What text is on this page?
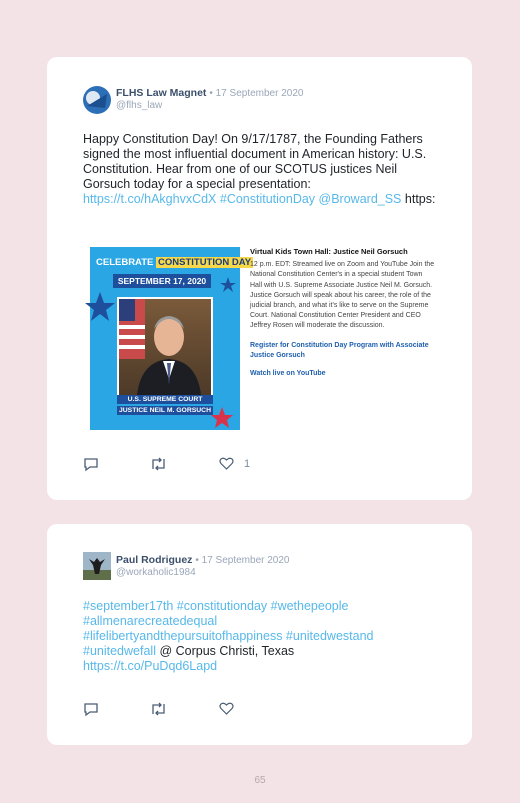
FLHS Law Magnet • 17 September 2020
@flhs_law
Happy Constitution Day! On 9/17/1787, the Founding Fathers signed the most influential document in American history: U.S. Constitution. Hear from one of our SCOTUS justices Neil Gorsuch today for a special presentation: https://t.co/hAkghvxCdX #ConstitutionDay @Broward_SS https:
CELEBRATE CONSTITUTION DAY
SEPTEMBER 17, 2020
U.S. SUPREME COURT
JUSTICE NEIL M. GORSUCH
Virtual Kids Town Hall: Justice Neil Gorsuch
12 p.m. EDT: Streamed live on Zoom and YouTube Join the National Constitution Center's in a special student Town Hall with U.S. Supreme Associate Justice Neil M. Gorsuch. Justice Gorsuch will speak about his career, the role of the judicial branch, and what it's like to serve on the Supreme Court. National Constitution Center President and CEO Jeffrey Rosen will moderate the discussion.
Register for Constitution Day Program with Associate Justice Gorsuch
Watch live on YouTube
1
Paul Rodriguez • 17 September 2020
@workaholic1984
#september17th #constitutionday #wethepeople
#allmenarecreatedequal
#lifelibertyandthepursuitofhappiness #unitedwestand
#unitedwefall @ Corpus Christi, Texas
https://t.co/PuDqd6Lapd
65
